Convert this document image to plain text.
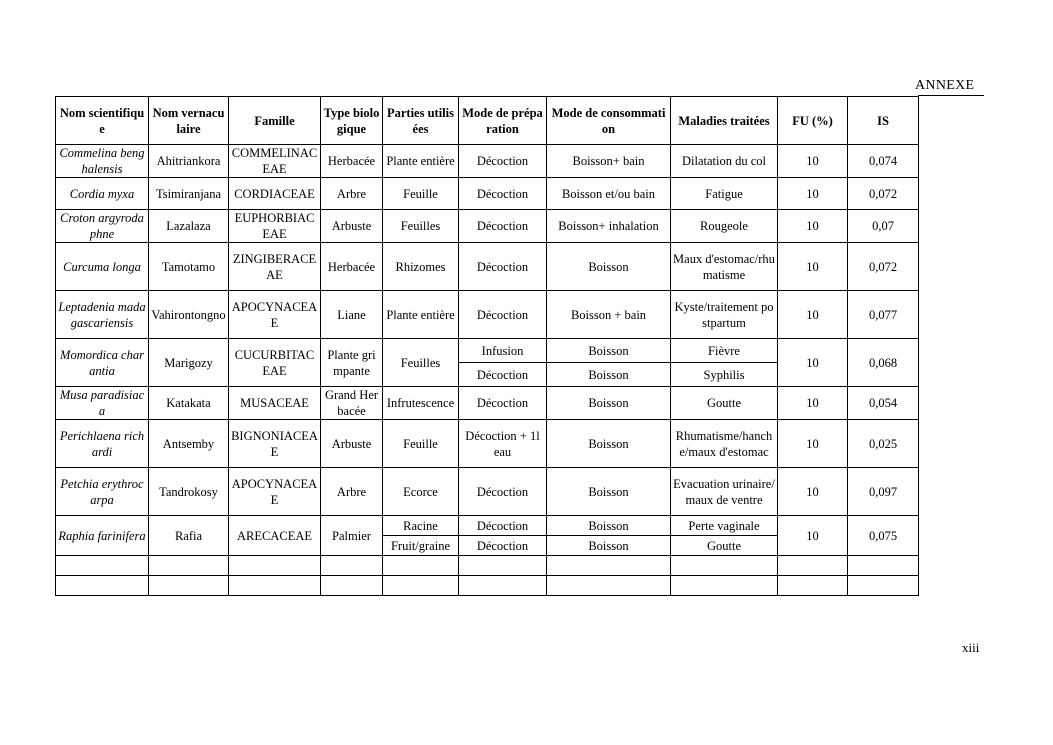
ANNEXE
Nom scientifique	Nom vernaculaire	Famille	Type biologique	Parties utilisées	Mode de préparation	Mode de consommation	Maladies traitées	FU (%)	IS
Commelina benghalensis	Ahitriankora	COMMELINACEAE	Herbacée	Plante entière	Décoction	Boisson+ bain	Dilatation du col	10	0,074
Cordia myxa	Tsimiranjana	CORDIACEAE	Arbre	Feuille	Décoction	Boisson et/ou bain	Fatigue	10	0,072
Croton argyrodaphne	Lazalaza	EUPHORBIACEAE	Arbuste	Feuilles	Décoction	Boisson+ inhalation	Rougeole	10	0,07
Curcuma longa	Tamotamo	ZINGIBERACEAE	Herbacée	Rhizomes	Décoction	Boisson	Maux d'estomac/rhumatisme	10	0,072
Leptadenia madagascariensis	Vahirontongno	APOCYNACEAE	Liane	Plante entière	Décoction	Boisson + bain	Kyste/traitement postpartum	10	0,077
Momordica charantia	Marigozy	CUCURBITACEAE	Plante grimpante	Feuilles	Infusion	Boisson	Fièvre	10	0,068
					Décoction	Boisson	Syphilis		
Musa paradisiaca	Katakata	MUSACEAE	Grand Herbacée	Infrutescence	Décoction	Boisson	Goutte	10	0,054
Perichlaena richardi	Antsemby	BIGNONIACEAE	Arbuste	Feuille	Décoction + 1l eau	Boisson	Rhumatisme/hanche/maux d'estomac	10	0,025
Petchia erythrocarpa	Tandrokosy	APOCYNACEAE	Arbre	Ecorce	Décoction	Boisson	Evacuation urinaire/maux de ventre	10	0,097
Raphia farinifera	Rafia	ARECACEAE	Palmier	Racine	Décoction	Boisson	Perte vaginale	10	0,075
				Fruit/graine	Décoction	Boisson	Goutte		

xiii
